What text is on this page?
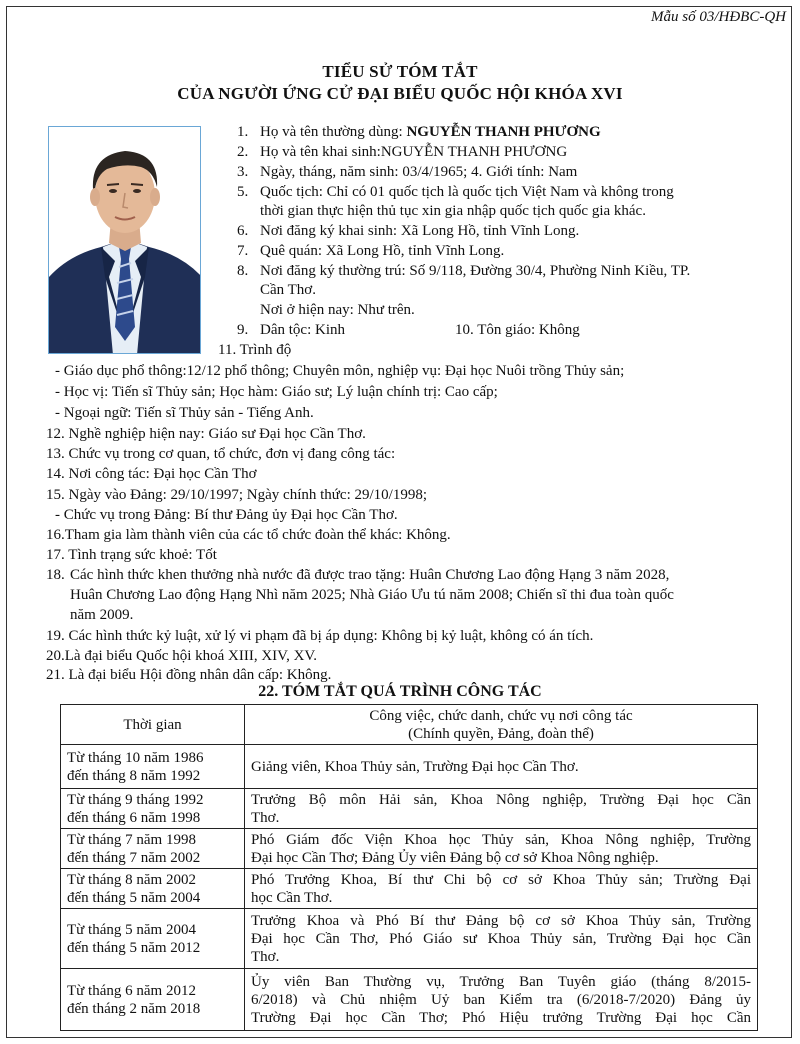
Mẫu số 03/HĐBC-QH
TIỂU SỬ TÓM TẮT
CỦA NGƯỜI ỨNG CỬ ĐẠI BIỂU QUỐC HỘI KHÓA XVI
1. Họ và tên thường dùng: NGUYỄN THANH PHƯƠNG
2. Họ và tên khai sinh:NGUYỄN THANH PHƯƠNG
3. Ngày, tháng, năm sinh: 03/4/1965; 4. Giới tính: Nam
5. Quốc tịch: Chỉ có 01 quốc tịch là quốc tịch Việt Nam và không trong
thời gian thực hiện thủ tục xin gia nhập quốc tịch quốc gia khác.
6. Nơi đăng ký khai sinh: Xã Long Hồ, tỉnh Vĩnh Long.
7. Quê quán: Xã Long Hồ, tỉnh Vĩnh Long.
8. Nơi đăng ký thường trú: Số 9/118, Đường 30/4, Phường Ninh Kiều, TP.
Cần Thơ.
Nơi ở hiện nay: Như trên.
9. Dân tộc: Kinh	10. Tôn giáo: Không
11. Trình độ
- Giáo dục phổ thông:12/12 phổ thông; Chuyên môn, nghiệp vụ: Đại học Nuôi trồng Thủy sản;
- Học vị: Tiến sĩ Thủy sản; Học hàm: Giáo sư; Lý luận chính trị: Cao cấp;
- Ngoại ngữ: Tiến sĩ Thủy sản - Tiếng Anh.
12. Nghề nghiệp hiện nay: Giáo sư Đại học Cần Thơ.
13. Chức vụ trong cơ quan, tổ chức, đơn vị đang công tác:
14. Nơi công tác: Đại học Cần Thơ
15. Ngày vào Đảng: 29/10/1997; Ngày chính thức: 29/10/1998;
- Chức vụ trong Đảng: Bí thư Đảng ủy Đại học Cần Thơ.
16.Tham gia làm thành viên của các tổ chức đoàn thể khác: Không.
17. Tình trạng sức khoẻ: Tốt
18. Các hình thức khen thưởng nhà nước đã được trao tặng: Huân Chương Lao động Hạng 3 năm 2028,
Huân Chương Lao động Hạng Nhì năm 2025; Nhà Giáo Ưu tú năm 2008; Chiến sĩ thi đua toàn quốc
năm 2009.
19. Các hình thức kỷ luật, xử lý vi phạm đã bị áp dụng: Không bị kỷ luật, không có án tích.
20.Là đại biểu Quốc hội khoá XIII, XIV, XV.
21. Là đại biểu Hội đồng nhân dân cấp: Không.
22. TÓM TẮT QUÁ TRÌNH CÔNG TÁC
Thời gian	Công việc, chức danh, chức vụ nơi công tác
(Chính quyền, Đảng, đoàn thể)

Từ tháng 10 năm 1986
đến tháng 8 năm 1992	Giảng viên, Khoa Thủy sản, Trường Đại học Cần Thơ.

Từ tháng 9 tháng 1992
đến tháng 6 năm 1998	Trưởng Bộ môn Hải sản, Khoa Nông nghiệp, Trường Đại học Cần
Thơ.

Từ tháng 7 năm 1998
đến tháng 7 năm 2002	Phó Giám đốc Viện Khoa học Thủy sản, Khoa Nông nghiệp, Trường
Đại học Cần Thơ; Đảng Ủy viên Đảng bộ cơ sở Khoa Nông nghiệp.

Từ tháng 8 năm 2002
đến tháng 5 năm 2004	Phó Trưởng Khoa, Bí thư Chi bộ cơ sở Khoa Thủy sản; Trường Đại
học Cần Thơ.

Từ tháng 5 năm 2004
đến tháng 5 năm 2012	Trưởng Khoa và Phó Bí thư Đảng bộ cơ sở Khoa Thủy sản, Trường
Đại học Cần Thơ, Phó Giáo sư Khoa Thủy sản, Trường Đại học Cần
Thơ.

Từ tháng 6 năm 2012
đến tháng 2 năm 2018	Ủy viên Ban Thường vụ, Trưởng Ban Tuyên giáo (tháng 8/2015-
6/2018) và Chủ nhiệm Uỷ ban Kiểm tra (6/2018-7/2020) Đảng ủy
Trường Đại học Cần Thơ; Phó Hiệu trưởng Trường Đại học Cần
